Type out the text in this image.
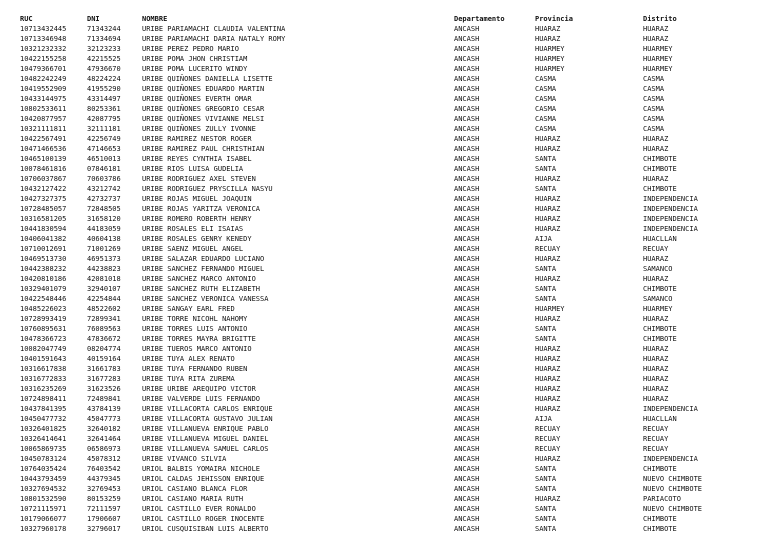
RUC	DNI	NOMBRE	Departamento	Provincia	Distrito
10713432445	71343244	URIBE PARIAMACHI CLAUDIA VALENTINA	ANCASH	HUARAZ	HUARAZ
10713346948	71334694	URIBE PARIAMACHI DARIA NATALY ROMY	ANCASH	HUARAZ	HUARAZ
10321232332	32123233	URIBE PEREZ PEDRO MARIO	ANCASH	HUARMEY	HUARMEY
10422155258	42215525	URIBE POMA JHON CHRISTIAM	ANCASH	HUARMEY	HUARMEY
10479366701	47936670	URIBE POMA LUCERITO WINDY	ANCASH	HUARMEY	HUARMEY
10482242249	48224224	URIBE QUIÑONES DANIELLA LISETTE	ANCASH	CASMA	CASMA
10419552909	41955290	URIBE QUIÑONES EDUARDO MARTIN	ANCASH	CASMA	CASMA
10433144975	43314497	URIBE QUIÑONES EVERTH OMAR	ANCASH	CASMA	CASMA
10802533611	80253361	URIBE QUIÑONES GREGORIO CESAR	ANCASH	CASMA	CASMA
10420877957	42087795	URIBE QUIÑONES VIVIANNE MELSI	ANCASH	CASMA	CASMA
10321111811	32111181	URIBE QUIÑONES ZULLY IVONNE	ANCASH	CASMA	CASMA
10422567491	42256749	URIBE RAMIREZ NESTOR ROGER	ANCASH	HUARAZ	HUARAZ
10471466536	47146653	URIBE RAMIREZ PAUL CHRISTHIAN	ANCASH	HUARAZ	HUARAZ
10465100139	46510013	URIBE REYES CYNTHIA ISABEL	ANCASH	SANTA	CHIMBOTE
10078461816	07846181	URIBE RIOS LUISA GUDELIA	ANCASH	SANTA	CHIMBOTE
10706037867	70603786	URIBE RODRIGUEZ AXEL STEVEN	ANCASH	HUARAZ	HUARAZ
10432127422	43212742	URIBE RODRIGUEZ PRYSCILLA NASYU	ANCASH	SANTA	CHIMBOTE
10427327375	42732737	URIBE ROJAS MIGUEL JOAQUIN	ANCASH	HUARAZ	INDEPENDENCIA
10728485057	72848505	URIBE ROJAS YARITZA VERONICA	ANCASH	HUARAZ	INDEPENDENCIA
10316581205	31658120	URIBE ROMERO ROBERTH HENRY	ANCASH	HUARAZ	INDEPENDENCIA
10441830594	44183059	URIBE ROSALES ELI ISAIAS	ANCASH	HUARAZ	INDEPENDENCIA
10406041382	40604138	URIBE ROSALES GENRY KENEDY	ANCASH	AIJA	HUACLLAN
10710012691	71001269	URIBE SAENZ MIGUEL ANGEL	ANCASH	RECUAY	RECUAY
10469513730	46951373	URIBE SALAZAR EDUARDO LUCIANO	ANCASH	HUARAZ	HUARAZ
10442388232	44238823	URIBE SANCHEZ FERNANDO MIGUEL	ANCASH	SANTA	SAMANCO
10420810186	42081018	URIBE SANCHEZ MARCO ANTONIO	ANCASH	HUARAZ	HUARAZ
10329401079	32940107	URIBE SANCHEZ RUTH ELIZABETH	ANCASH	SANTA	CHIMBOTE
10422548446	42254844	URIBE SANCHEZ VERONICA VANESSA	ANCASH	SANTA	SAMANCO
10485226023	48522602	URIBE SANGAY EARL FRED	ANCASH	HUARMEY	HUARMEY
10728993419	72899341	URIBE TORRE NICOHL NAHOMY	ANCASH	HUARAZ	HUARAZ
10760895631	76089563	URIBE TORRES LUIS ANTONIO	ANCASH	SANTA	CHIMBOTE
10478366723	47836672	URIBE TORRES MAYRA BRIGITTE	ANCASH	SANTA	CHIMBOTE
10082047749	08204774	URIBE TUEROS MARCO ANTONIO	ANCASH	HUARAZ	HUARAZ
10401591643	40159164	URIBE TUYA ALEX RENATO	ANCASH	HUARAZ	HUARAZ
10316617838	31661783	URIBE TUYA FERNANDO RUBEN	ANCASH	HUARAZ	HUARAZ
10316772833	31677283	URIBE TUYA RITA ZUREMA	ANCASH	HUARAZ	HUARAZ
10316235269	31623526	URIBE URIBE AREQUIPO VICTOR	ANCASH	HUARAZ	HUARAZ
10724898411	72489841	URIBE VALVERDE LUIS FERNANDO	ANCASH	HUARAZ	HUARAZ
10437841395	43784139	URIBE VILLACORTA CARLOS ENRIQUE	ANCASH	HUARAZ	INDEPENDENCIA
10450477732	45047773	URIBE VILLACORTA GUSTAVO JULIAN	ANCASH	AIJA	HUACLLAN
10326401825	32640182	URIBE VILLANUEVA ENRIQUE PABLO	ANCASH	RECUAY	RECUAY
10326414641	32641464	URIBE VILLANUEVA MIGUEL DANIEL	ANCASH	RECUAY	RECUAY
10065869735	06586973	URIBE VILLANUEVA SAMUEL CARLOS	ANCASH	RECUAY	RECUAY
10450783124	45078312	URIBE VIVANCO SILVIA	ANCASH	HUARAZ	INDEPENDENCIA
10764035424	76403542	URIOL BALBIS YOMAIRA NICHOLE	ANCASH	SANTA	CHIMBOTE
10443793459	44379345	URIOL CALDAS JEHISSON ENRIQUE	ANCASH	SANTA	NUEVO CHIMBOTE
10327694532	32769453	URIOL CASIANO BLANCA FLOR	ANCASH	SANTA	NUEVO CHIMBOTE
10801532590	80153259	URIOL CASIANO MARIA RUTH	ANCASH	HUARAZ	PARIACOTO
10721115971	72111597	URIOL CASTILLO EVER RONALDO	ANCASH	SANTA	NUEVO CHIMBOTE
10179066077	17906607	URIOL CASTILLO ROGER INOCENTE	ANCASH	SANTA	CHIMBOTE
10327960178	32796017	URIOL CUSQUISIBAN LUIS ALBERTO	ANCASH	SANTA	CHIMBOTE
